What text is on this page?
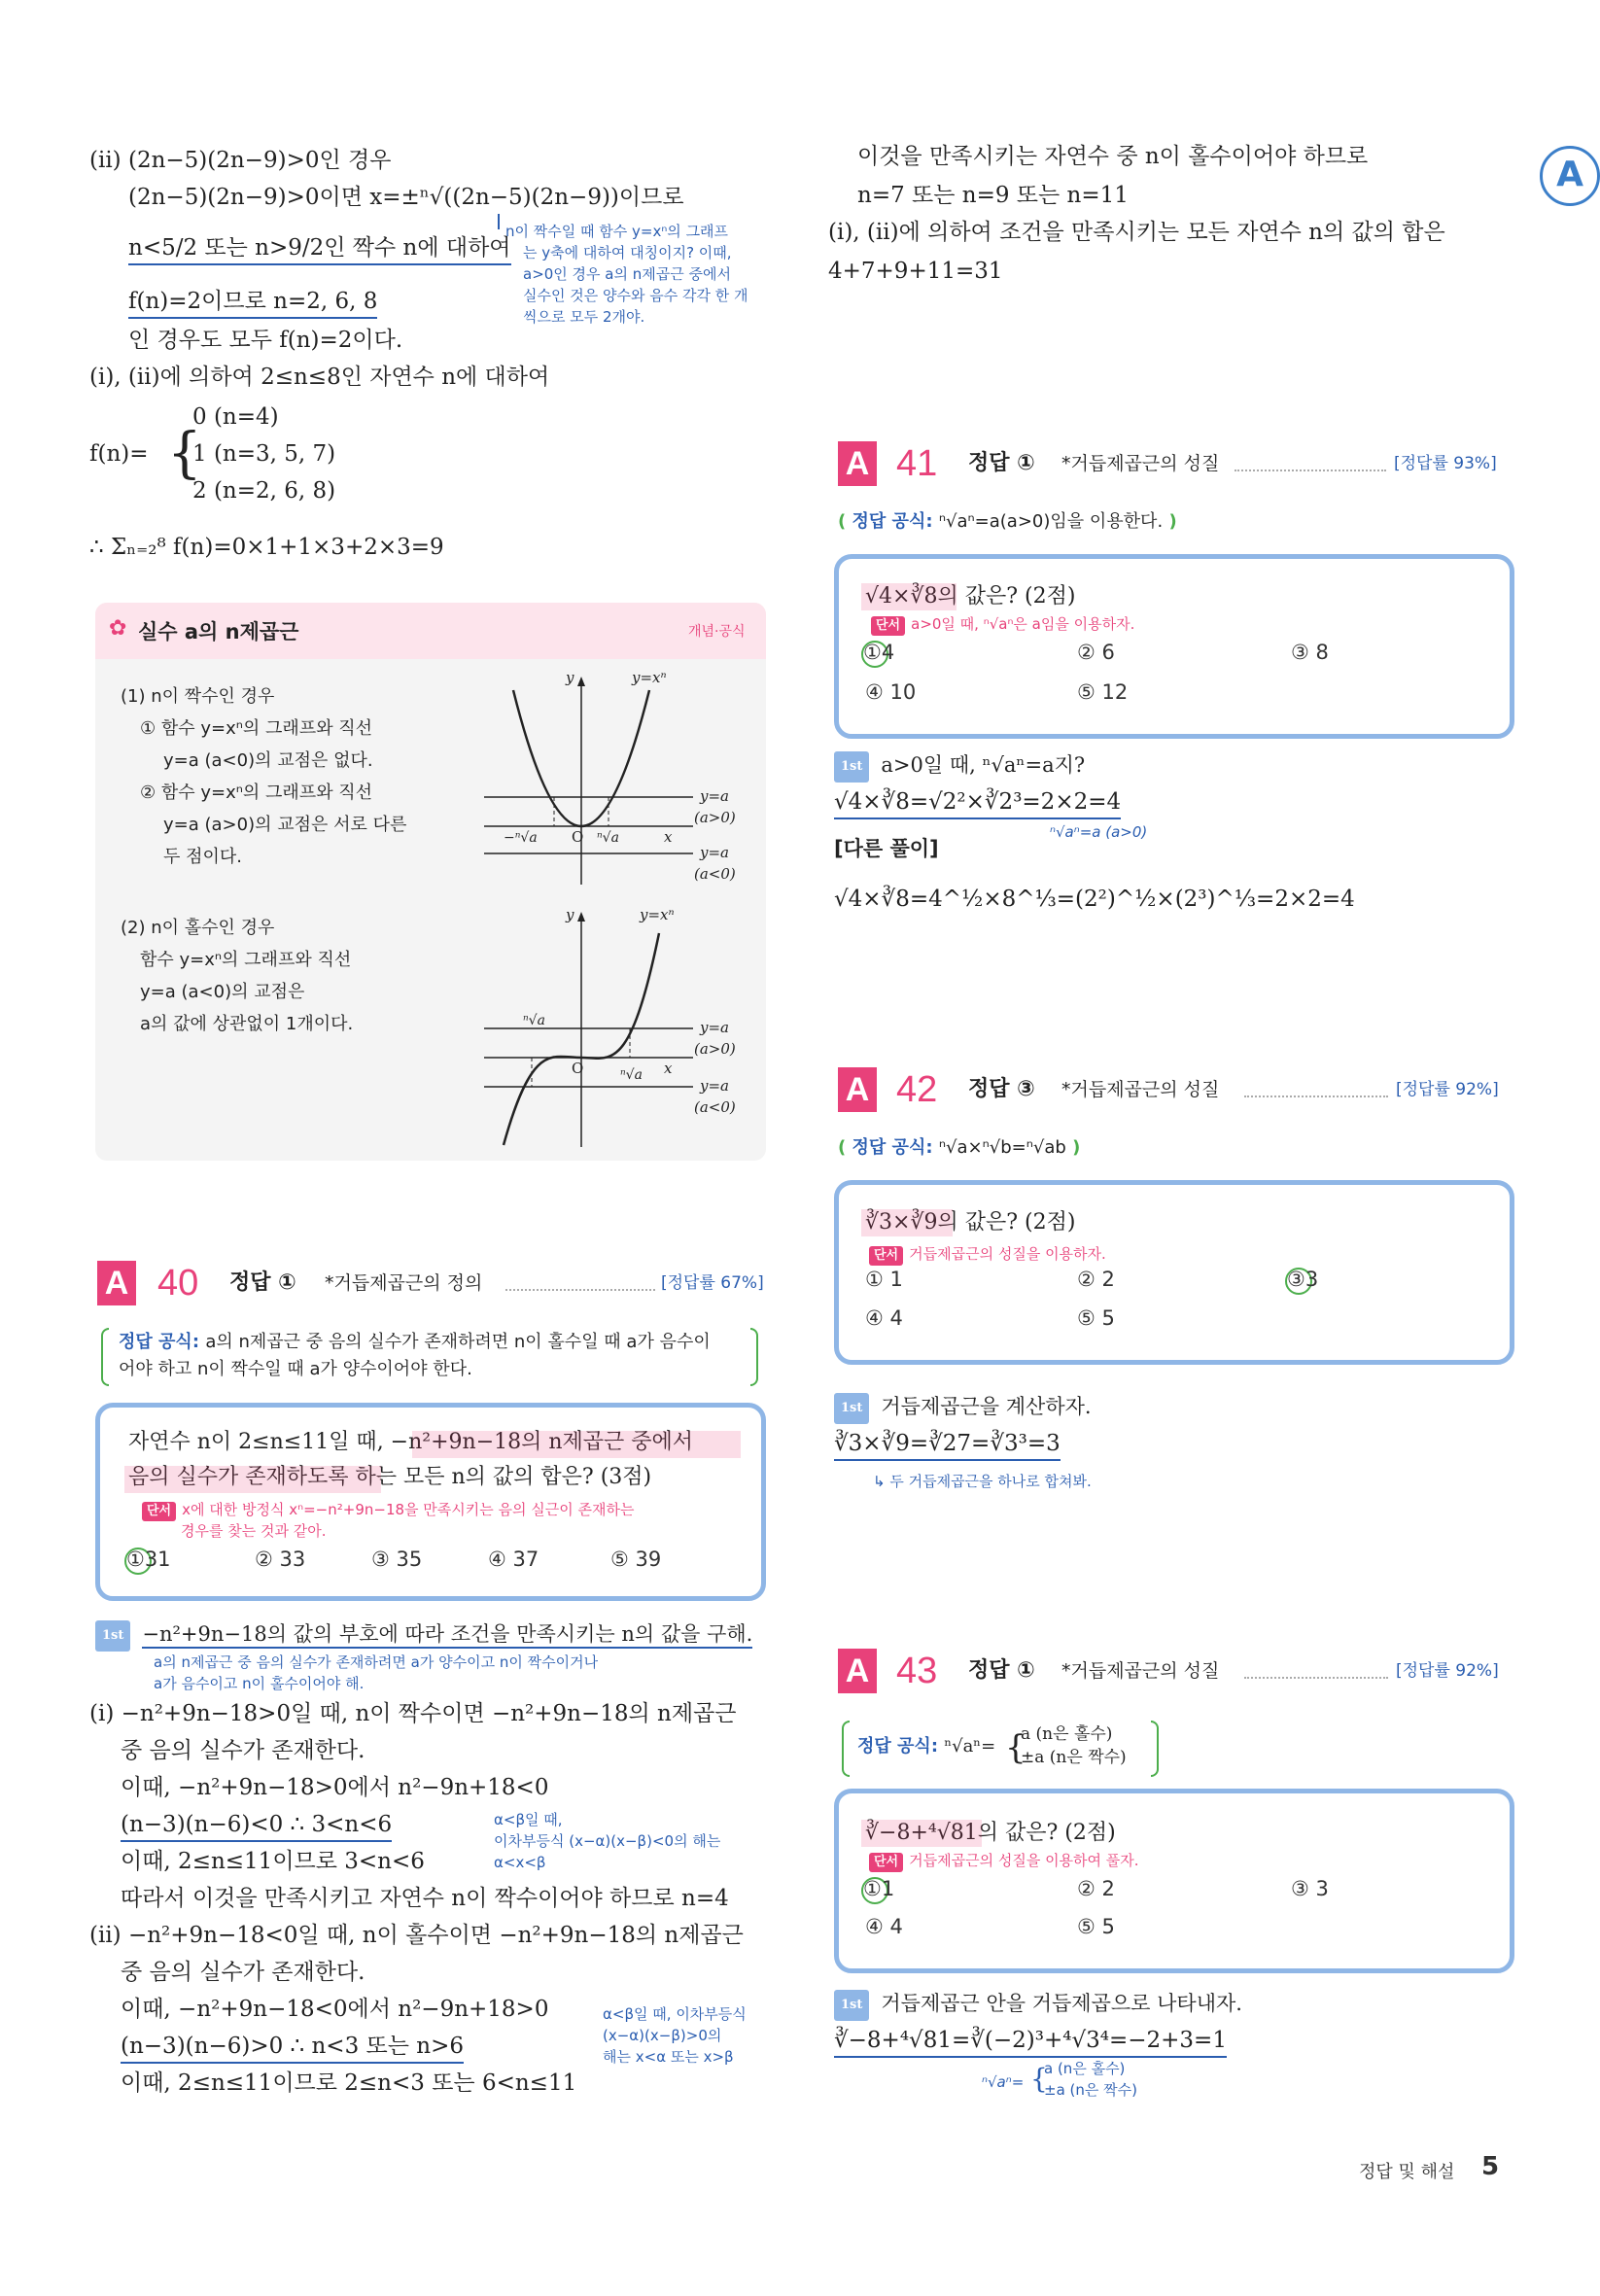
A
(ⅱ) (2n−5)(2n−9)>0인 경우
(2n−5)(2n−9)>0이면 x=±ⁿ√((2n−5)(2n−9))이므로
n<5/2 또는 n>9/2인 짝수 n에 대하여
f(n)=2이므로 n=2, 6, 8
인 경우도 모두 f(n)=2이다.
(ⅰ), (ⅱ)에 의하여 2≤n≤8인 자연수 n에 대하여
n이 짝수일 때 함수 y=xⁿ의 그래프
는 y축에 대하여 대칭이지? 이때,
a>0인 경우 a의 n제곱근 중에서
실수인 것은 양수와 음수 각각 한 개
씩으로 모두 2개야.
f(n)= {
0 (n=4)
1 (n=3, 5, 7)
2 (n=2, 6, 8)
∴ Σₙ₌₂⁸ f(n)=0×1+1×3+2×3=9
✿ 실수 a의 n제곱근	개념·공식
(1) n이 짝수인 경우
① 함수 y=xⁿ의 그래프와 직선
y=a (a<0)의 교점은 없다.
② 함수 y=xⁿ의 그래프와 직선
y=a (a>0)의 교점은 서로 다른
두 점이다.
(2) n이 홀수인 경우
함수 y=xⁿ의 그래프와 직선
y=a (a<0)의 교점은
a의 값에 상관없이 1개이다.
y	y=xⁿ
y=a
(a>0)
y=a
(a<0)
O	x
−ⁿ√a	ⁿ√a
y	y=xⁿ
y=a
(a>0)
y=a
(a<0)
O	x
ⁿ√a
ⁿ√a
A 40 정답 ① *거듭제곱근의 정의	[정답률 67%]
정답 공식: a의 n제곱근 중 음의 실수가 존재하려면 n이 홀수일 때 a가 음수이
어야 하고 n이 짝수일 때 a가 양수이어야 한다.
자연수 n이 2≤n≤11일 때, −n²+9n−18의 n제곱근 중에서
음의 실수가 존재하도록 하는 모든 n의 값의 합은? (3점)
단서 x에 대한 방정식 xⁿ=−n²+9n−18을 만족시키는 음의 실근이 존재하는
경우를 찾는 것과 같아.
①31	② 33	③ 35	④ 37	⑤ 39
1st −n²+9n−18의 값의 부호에 따라 조건을 만족시키는 n의 값을 구해.
a의 n제곱근 중 음의 실수가 존재하려면 a가 양수이고 n이 짝수이거나
a가 음수이고 n이 홀수이어야 해.
(ⅰ) −n²+9n−18>0일 때, n이 짝수이면 −n²+9n−18의 n제곱근
중 음의 실수가 존재한다.
이때, −n²+9n−18>0에서 n²−9n+18<0
(n−3)(n−6)<0 ∴ 3<n<6
이때, 2≤n≤11이므로 3<n<6
따라서 이것을 만족시키고 자연수 n이 짝수이어야 하므로 n=4
(ⅱ) −n²+9n−18<0일 때, n이 홀수이면 −n²+9n−18의 n제곱근
중 음의 실수가 존재한다.
이때, −n²+9n−18<0에서 n²−9n+18>0
(n−3)(n−6)>0 ∴ n<3 또는 n>6
이때, 2≤n≤11이므로 2≤n<3 또는 6<n≤11
α<β일 때,
이차부등식 (x−α)(x−β)<0의 해는
α<x<β
α<β일 때, 이차부등식
(x−α)(x−β)>0의
해는 x<α 또는 x>β
이것을 만족시키는 자연수 중 n이 홀수이어야 하므로
n=7 또는 n=9 또는 n=11
(ⅰ), (ⅱ)에 의하여 조건을 만족시키는 모든 자연수 n의 값의 합은
4+7+9+11=31
A 41 정답 ① *거듭제곱근의 성질	[정답률 93%]
( 정답 공식: ⁿ√aⁿ=a(a>0)임을 이용한다. )
√4×∛8의 값은? (2점)
단서 a>0일 때, ⁿ√aⁿ은 a임을 이용하자.
①4	② 6	③ 8
④ 10	⑤ 12
1st a>0일 때, ⁿ√aⁿ=a지?
√4×∛8=√2²×∛2³=2×2=4
ⁿ√aⁿ=a (a>0)
[다른 풀이]
√4×∛8=4^½×8^⅓=(2²)^½×(2³)^⅓=2×2=4
A 42 정답 ③ *거듭제곱근의 성질	[정답률 92%]
( 정답 공식: ⁿ√a×ⁿ√b=ⁿ√ab )
∛3×∛9의 값은? (2점)
단서 거듭제곱근의 성질을 이용하자.
① 1	② 2	③3
④ 4	⑤ 5
1st 거듭제곱근을 계산하자.
∛3×∛9=∛27=∛3³=3
↳ 두 거듭제곱근을 하나로 합쳐봐.
A 43 정답 ① *거듭제곱근의 성질	[정답률 92%]
정답 공식: ⁿ√aⁿ= {
a (n은 홀수)
±a (n은 짝수)
∛−8+⁴√81의 값은? (2점)
단서 거듭제곱근의 성질을 이용하여 풀자.
①1	② 2	③ 3
④ 4	⑤ 5
1st 거듭제곱근 안을 거듭제곱으로 나타내자.
∛−8+⁴√81=∛(−2)³+⁴√3⁴=−2+3=1
ⁿ√aⁿ= {
a (n은 홀수)
±a (n은 짝수)
정답 및 해설 5
